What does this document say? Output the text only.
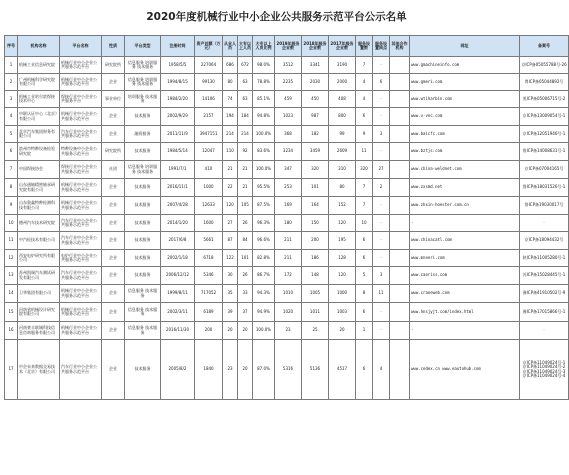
2020年度机械行业中小企业公共服务示范平台公示名单
序号	机构名称	平台名称	性质	平台类型	注册时间	资产总额（万元）	从业人员	大专以上人员	大专以上人员比例	2019年服务企业数	2018年服务企业数	2017年服务企业数	服务设置数	服务设置网点	其他合作机构	网址	备案号
1	机械工业信息研究院	机械行业中小企业公共服务示范平台	研究院所	信息服务 培训服务 技术服务	1958/5/5	227064	686	672	98.0%	3512	3341	3190	7	·		www.gmachineinfo.com	京ICP备05055788号-26
2	广州机械科学研究院有限公司	机械行业中小企业公共服务示范平台	企业	信息服务 培训服务 技术服务	1994/8/15	99130	80	63	78.8%	2235	2030	2000	4	6		www.gmeri.com	粤ICP备05044892号
3	机械工业哈尔滨焊接技术中心	焊接行业中小企业公共服务平台	事业单位	培训服务 技术服务	1984/2/20	14106	74	63	85.1%	459	450	408	4	·		www.wtiharbin.com	黑ICP备05006715号-2
4	中联认证中心（北京）有限公司	机械行业中小企业公共服务示范平台	企业	技术服务	2002/9/29	2157	194	184	94.8%	1023	987	800	6	·		www.v-vnc.com	京ICP备13009054号-1
5	北京汽车集团财务有限公司	汽车行业中小企业公共服务示范平台	企业	融资服务	2011/11/9	3947151	214	214	100.0%	368	182	99	9	3		www.baicfc.com	京ICP备12051946号-1
6	滨州市特种设备检验研究院	特种设备中小企业公共服务示范平台	研究院所	技术服务	1984/5/14	12047	110	92	83.6%	3234	3459	2609	11	·		www.bztjs.com	鲁ICP备14008631号-1
7	中国焊接协会	焊接行业中小企业公共服务示范平台	社团	信息服务 培训服务 技术服务	1991/7/1	410	21	21	100.0%	347	320	310	320	27		www.china-weldnet.com	京ICP备07004165号
8	山东通轴精密轴承研究院有限公司	机械行业中小企业公共服务示范平台	企业	技术服务	2016/11/1	1000	22	21	95.5%	253	101	80	7	2		www.zxsmd.net	鲁ICP备18031526号-1
9	山东奥鑫特种检测科技有限公司	机械行业中小企业公共服务示范平台	企业	技术服务	2007/4/28	12633	120	105	87.5%	169	164	152	7	·		www.zhxin-hoester.com.cn	鲁ICP备19030017号
10	德州汽车技术研究院	汽车行业中小企业公共服务示范平台	企业	技术服务	2014/1/20	1600	27	26	96.3%	180	150	120	10	·		·	·
11	中汽检技术有限公司	汽车行业中小企业公共服务示范平台	企业	技术服务	2017/6/8	5661	87	84	96.6%	211	200	195	6	·		www.chinacatl.com	京ICP备18094432号
12	西安电炉研究所有限公司	电炉行业中小企业公共服务示范平台	企业	技术服务	2002/1/18	6718	122	101	82.8%	211	186	128	6	·		www.mneeri.com	陕ICP备11005280号-1
13	苏州凯瑞汽车测试研发有限公司	汽车行业中小企业公共服务示范平台	企业	技术服务	2006/12/12	5346	30	26	86.7%	172	148	120	5	3		www.caeriss.com	苏ICP备15028445号-1
14	卫华集团有限公司	机械行业中小企业公共服务示范平台	企业	信息服务 技术服务	1999/8/11	717052	35	33	94.3%	1010	1005	1000	8	11		www.craneweb.com	豫ICP备41910502号-9
15	河南省机械设计研究院有限公司	机械行业中小企业公共服务示范平台	企业	信息服务 技术服务	2002/3/11	6189	39	37	94.9%	1020	1011	1003	6	·		www.hnsjyjt.com/index.html	豫ICP备17015866号-1
16	河南豪丰联城科技信息咨询服务有限公司	机械行业中小企业公共服务示范平台	企业	信息服务 技术服务	2016/11/30	200	20	20	100.0%	23	25	20	1	·		·	·
17	中企未来数据交易技术（北京）有限公司	汽车行业中小企业公共服务示范平台	企业	技术服务	2005/8/2	1840	23	20	87.0%	5316	5136	4517	6	4		www.cedex.cn www.eautohub.com	京ICP备11049024号-1 京ICP备11049024号-2 京ICP备11049024号-3 京ICP备11049024号-4
